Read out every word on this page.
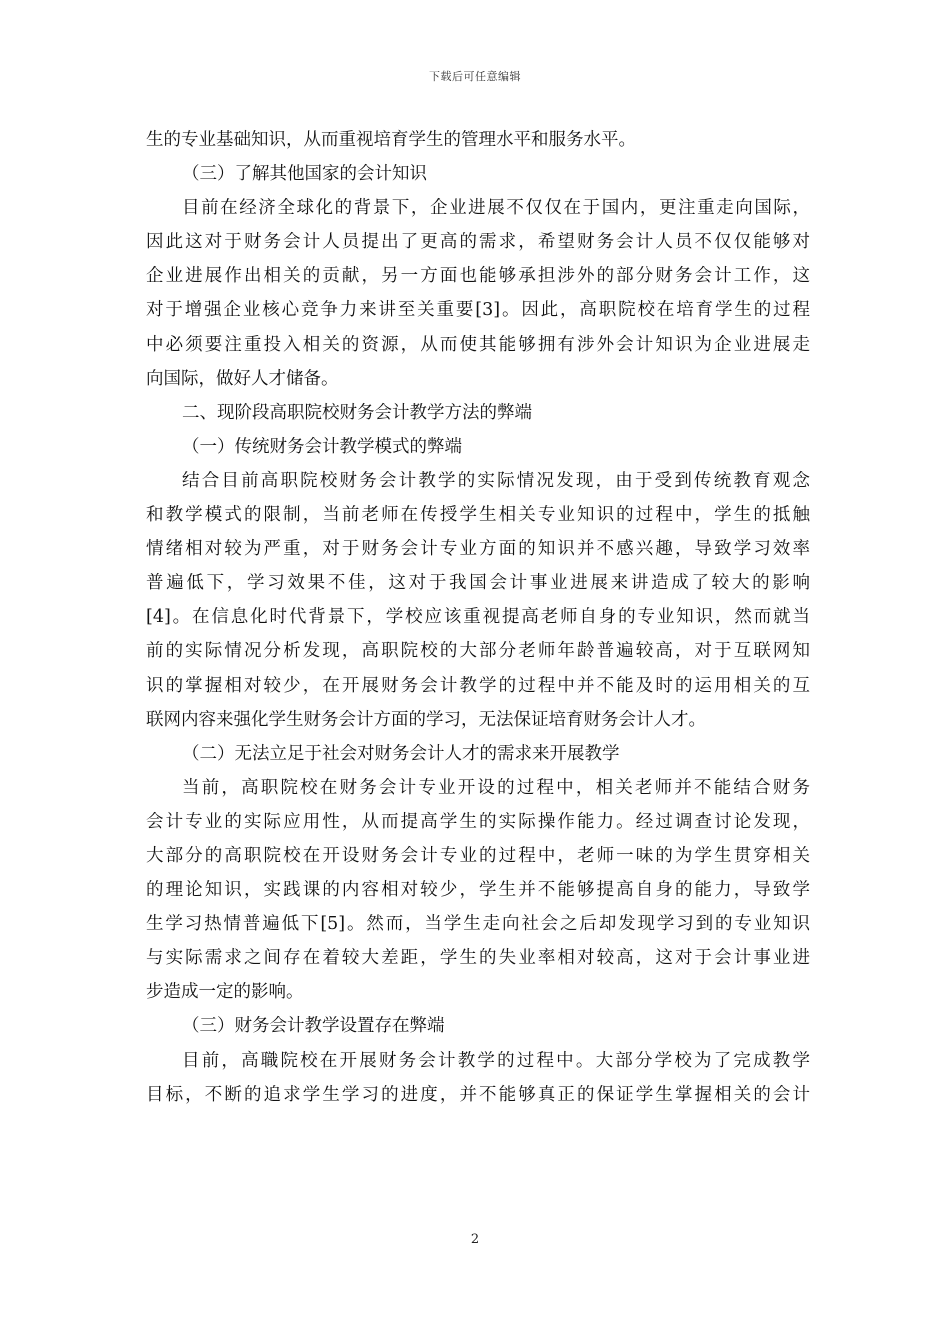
下载后可任意编辑
生的专业基础知识，从而重视培育学生的管理水平和服务水平。
（三）了解其他国家的会计知识
目前在经济全球化的背景下，企业进展不仅仅在于国内，更注重走向国际，
因此这对于财务会计人员提出了更高的需求，希望财务会计人员不仅仅能够对
企业进展作出相关的贡献，另一方面也能够承担涉外的部分财务会计工作，这
对于增强企业核心竞争力来讲至关重要[3]。因此，高职院校在培育学生的过程
中必须要注重投入相关的资源，从而使其能够拥有涉外会计知识为企业进展走
向国际，做好人才储备。
二、现阶段高职院校财务会计教学方法的弊端
（一）传统财务会计教学模式的弊端
结合目前高职院校财务会计教学的实际情况发现，由于受到传统教育观念
和教学模式的限制，当前老师在传授学生相关专业知识的过程中，学生的抵触
情绪相对较为严重，对于财务会计专业方面的知识并不感兴趣，导致学习效率
普遍低下，学习效果不佳，这对于我国会计事业进展来讲造成了较大的影响
[4]。在信息化时代背景下，学校应该重视提高老师自身的专业知识，然而就当
前的实际情况分析发现，高职院校的大部分老师年龄普遍较高，对于互联网知
识的掌握相对较少，在开展财务会计教学的过程中并不能及时的运用相关的互
联网内容来强化学生财务会计方面的学习，无法保证培育财务会计人才。
（二）无法立足于社会对财务会计人才的需求来开展教学
当前，高职院校在财务会计专业开设的过程中，相关老师并不能结合财务
会计专业的实际应用性，从而提高学生的实际操作能力。经过调查讨论发现，
大部分的高职院校在开设财务会计专业的过程中，老师一味的为学生贯穿相关
的理论知识，实践课的内容相对较少，学生并不能够提高自身的能力，导致学
生学习热情普遍低下[5]。然而，当学生走向社会之后却发现学习到的专业知识
与实际需求之间存在着较大差距，学生的失业率相对较高，这对于会计事业进
步造成一定的影响。
（三）财务会计教学设置存在弊端
目前，高職院校在开展财务会计教学的过程中。大部分学校为了完成教学
目标，不断的追求学生学习的进度，并不能够真正的保证学生掌握相关的会计
2
